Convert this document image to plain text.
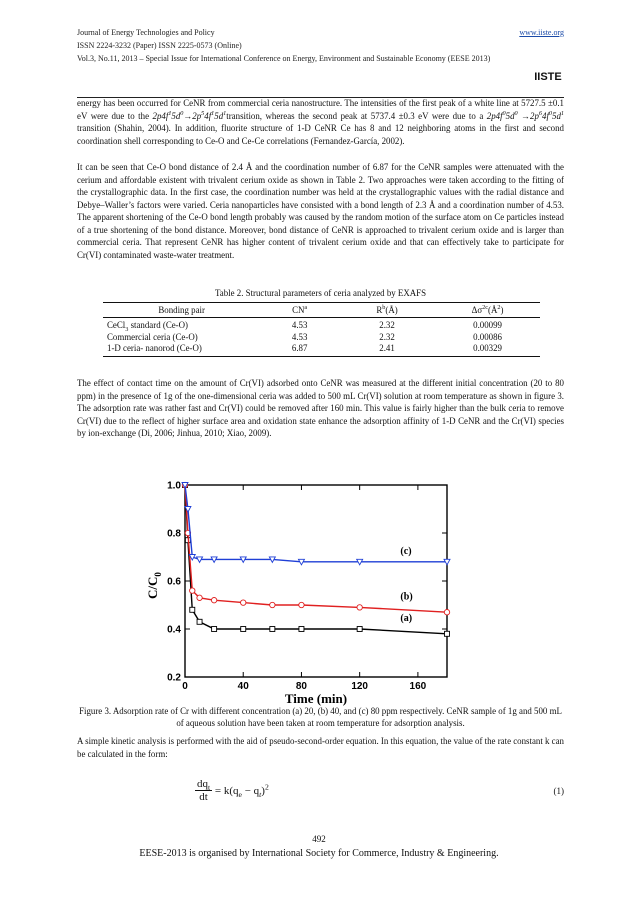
Journal of Energy Technologies and Policy	www.iiste.org
ISSN 2224-3232 (Paper) ISSN 2225-0573 (Online)
Vol.3, No.11, 2013 – Special Issue for International Conference on Energy, Environment and Sustainable Economy (EESE 2013)
IISTE

energy has been occurred for CeNR from commercial ceria nanostructure. The intensities of the first peak of a white line at 5727.5 ±0.1 eV were due to the $2p4f^15d^0\to 2p^54f^15d^1transition$, whereas the second peak at 5737.4 ±0.3 eV were due to a $2p4f^05d^0 \to 2p^64f^05d^1$ transition (Shahin, 2004). In addition, fluorite structure of 1-D CeNR Ce has 8 and 12 neighboring atoms in the first and second coordination shell corresponding to Ce-O and Ce-Ce correlations (Fernandez-García, 2002).

It can be seen that Ce-O bond distance of 2.4 Å and the coordination number of 6.87 for the CeNR samples were attenuated with the cerium and affordable existent with trivalent cerium oxide as shown in Table 2. Two approaches were taken according to the fitting of the crystallographic data. In the first case, the coordination number was held at the crystallographic values with the radial distance and Debye–Waller’s factors were varied. Ceria nanoparticles have consisted with a bond length of 2.3 Å and a coordination number of 4.53. The apparent shortening of the Ce-O bond length probably was caused by the random motion of the surface atom on Ce particles instead of a true shortening of the bond distance. Moreover, bond distance of CeNR is approached to trivalent cerium oxide and is larger than commercial ceria. That represent CeNR has higher content of trivalent cerium oxide and that can effectively take to participate for Cr(VI) contaminated waste-water treatment.

Table 2. Structural parameters of ceria analyzed by EXAFS
Bonding pair	$CN^a$	$R^b(Å)$	$\Delta\sigma^{2c}(Å^2)$
CeCl$_3$ standard (Ce-O)	4.53	2.32	0.00099
Commercial ceria (Ce-O)	4.53	2.32	0.00086
1-D ceria- nanorod (Ce-O)	6.87	2.41	0.00329

The effect of contact time on the amount of Cr(VI) adsorbed onto CeNR was measured at the different initial concentration (20 to 80 ppm) in the presence of 1g of the one-dimensional ceria was added to 500 mL Cr(VI) solution at room temperature as shown in figure 3. The adsorption rate was rather fast and Cr(VI) could be removed after 160 min. This value is fairly higher than the bulk ceria to remove Cr(VI) due to the reflect of higher surface area and oxidation state enhance the adsorption affinity of 1-D CeNR and the Cr(VI) species by ion-exchange (Di, 2006; Jinhua, 2010; Xiao, 2009).

0.2
0.4
0.6
0.8
1.0
0	40	80	120	160
Time (min)
$C/C_0$
(a)
(b)
(c)
Figure 3. Adsorption rate of Cr with different concentration (a) 20, (b) 40, and (c) 80 ppm respectively. CeNR sample of 1g and 500 mL of aqueous solution have been taken at room temperature for adsorption analysis.

A simple kinetic analysis is performed with the aid of pseudo-second-order equation. In this equation, the value of the rate constant k can be calculated in the form:

$dq_t$
dt
= $k(q_e - q_t)^2$	(1)
492
EESE-2013 is organised by International Society for Commerce, Industry & Engineering.
